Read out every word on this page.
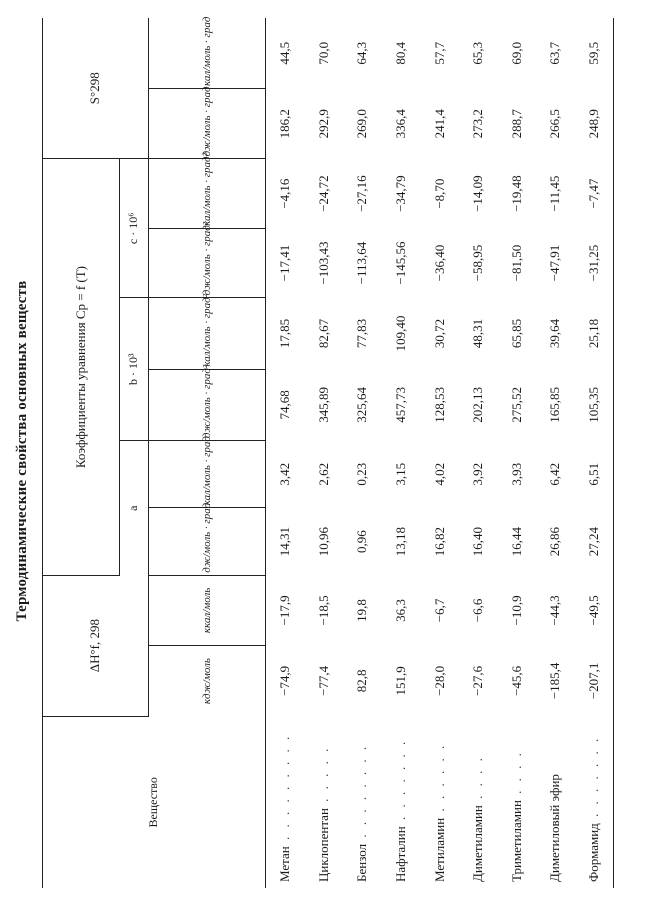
Термодинамические свойства основных веществ
Вещество	ΔH°f, 298		Коэффициенты уравнения Cp = f (T)						S°298	
			a		b · 10³		c · 10⁶			
	кдж/моль	ккал/моль	дж/моль · град	кал/моль · град	дж/моль · град²	кал/моль · град²	дж/моль · град²	кал/моль · град²	дж/моль · град	кал/моль · град
Метан . . . . . . . . .	−74,9	−17,9	14,31	3,42	74,68	17,85	−17,41	−4,16	186,2	44,5
Циклопентан . . . . .	−77,4	−18,5	10,96	2,62	345,89	82,67	−103,43	−24,72	292,9	70,0
Бензол . . . . . . . .	82,8	19,8	0,96	0,23	325,64	77,83	−113,64	−27,16	269,0	64,3
Нафталин . . . . . . .	151,9	36,3	13,18	3,15	457,73	109,40	−145,56	−34,79	336,4	80,4
Метиламин . . . . . .	−28,0	−6,7	16,82	4,02	128,53	30,72	−36,40	−8,70	241,4	57,7
Диметиламин . . . .	−27,6	−6,6	16,40	3,92	202,13	48,31	−58,95	−14,09	273,2	65,3
Триметиламин . . . .	−45,6	−10,9	16,44	3,93	275,52	65,85	−81,50	−19,48	288,7	69,0
Диметиловый эфир	−185,4	−44,3	26,86	6,42	165,85	39,64	−47,91	−11,45	266,5	63,7
Формамид . . . . . . .	−207,1	−49,5	27,24	6,51	105,35	25,18	−31,25	−7,47	248,9	59,5
